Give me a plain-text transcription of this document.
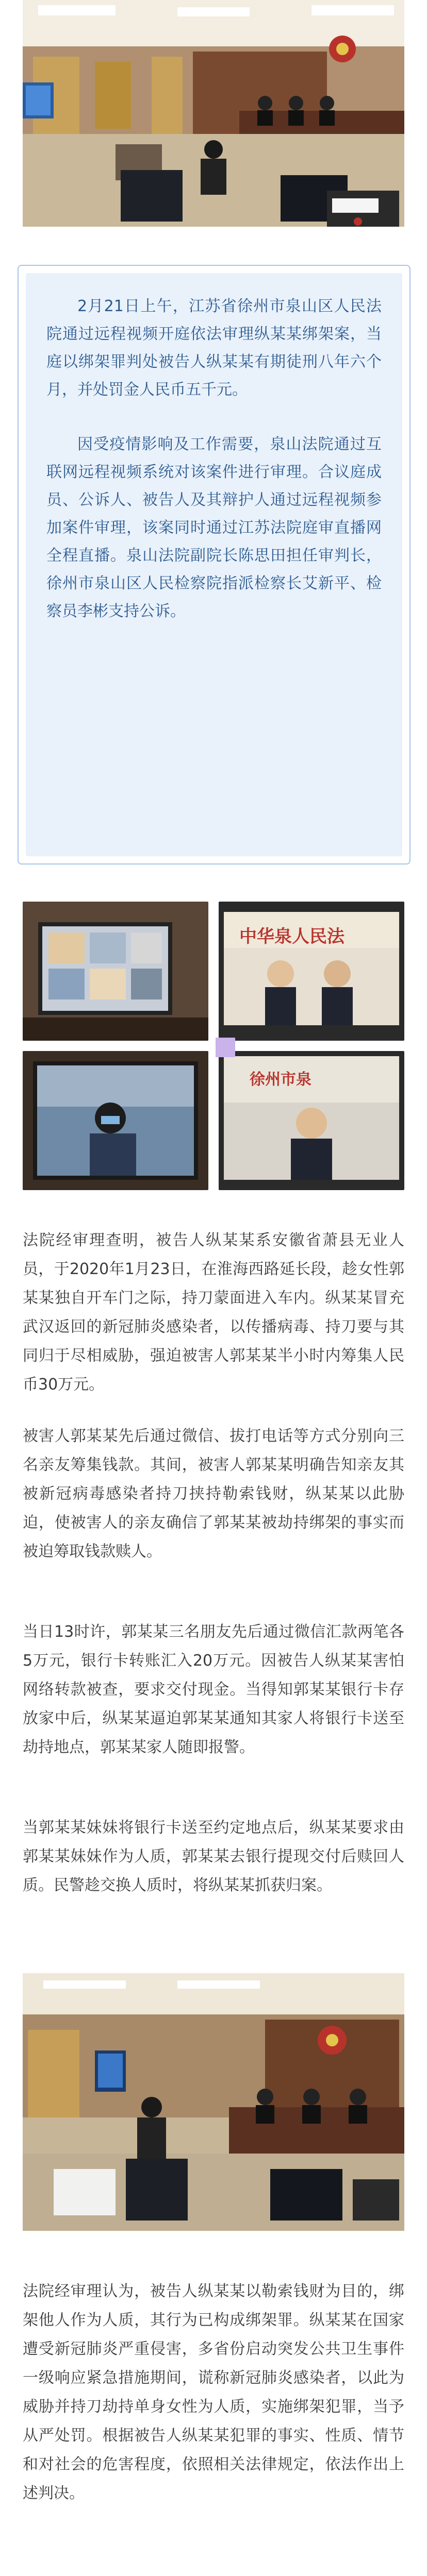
2月21日上午，江苏省徐州市泉山区人民法院通过远程视频开庭依法审理纵某某绑架案，当庭以绑架罪判处被告人纵某某有期徒刑八年六个月，并处罚金人民币五千元。

因受疫情影响及工作需要，泉山法院通过互联网远程视频系统对该案件进行审理。合议庭成员、公诉人、被告人及其辩护人通过远程视频参加案件审理，该案同时通过江苏法院庭审直播网全程直播。泉山法院副院长陈思田担任审判长，徐州市泉山区人民检察院指派检察长艾新平、检察员李彬支持公诉。

中华泉人民法
徐州市泉

法院经审理查明，被告人纵某某系安徽省萧县无业人员，于2020年1月23日，在淮海西路延长段，趁女性郭某某独自开车门之际，持刀蒙面进入车内。纵某某冒充武汉返回的新冠肺炎感染者，以传播病毒、持刀要与其同归于尽相威胁，强迫被害人郭某某半小时内筹集人民币30万元。

被害人郭某某先后通过微信、拔打电话等方式分别向三名亲友筹集钱款。其间，被害人郭某某明确告知亲友其被新冠病毒感染者持刀挟持勒索钱财，纵某某以此胁迫，使被害人的亲友确信了郭某某被劫持绑架的事实而被迫筹取钱款赎人。

当日13时许，郭某某三名朋友先后通过微信汇款两笔各5万元，银行卡转账汇入20万元。因被告人纵某某害怕网络转款被查，要求交付现金。当得知郭某某银行卡存放家中后，纵某某逼迫郭某某通知其家人将银行卡送至劫持地点，郭某某家人随即报警。

当郭某某妹妹将银行卡送至约定地点后，纵某某要求由郭某某妹妹作为人质，郭某某去银行提现交付后赎回人质。民警趁交换人质时，将纵某某抓获归案。

法院经审理认为，被告人纵某某以勒索钱财为目的，绑架他人作为人质，其行为已构成绑架罪。纵某某在国家遭受新冠肺炎严重侵害，多省份启动突发公共卫生事件一级响应紧急措施期间，谎称新冠肺炎感染者，以此为威胁并持刀劫持单身女性为人质，实施绑架犯罪，当予从严处罚。根据被告人纵某某犯罪的事实、性质、情节和对社会的危害程度，依照相关法律规定，依法作出上述判决。
